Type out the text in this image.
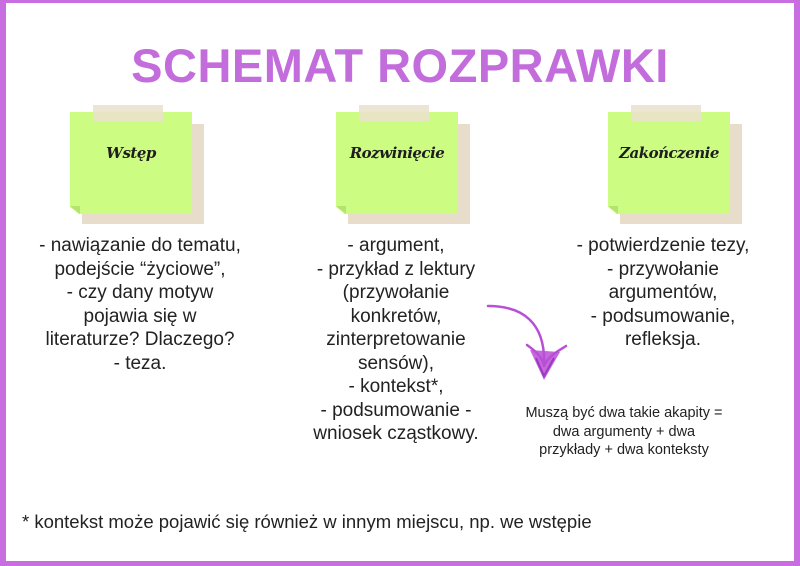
SCHEMAT ROZPRAWKI
Wstęp	Rozwinięcie	Zakończenie
- nawiązanie do tematu,
podejście “życiowe”,
- czy dany motyw
pojawia się w
literaturze? Dlaczego?
- teza.
- argument,
- przykład z lektury
(przywołanie
konkretów,
zinterpretowanie
sensów),
- kontekst*,
- podsumowanie -
wniosek cząstkowy.
- potwierdzenie tezy,
- przywołanie
argumentów,
- podsumowanie,
refleksja.
Muszą być dwa takie akapity =
dwa argumenty + dwa
przykłady + dwa konteksty
* kontekst może pojawić się również w innym miejscu, np. we wstępie
